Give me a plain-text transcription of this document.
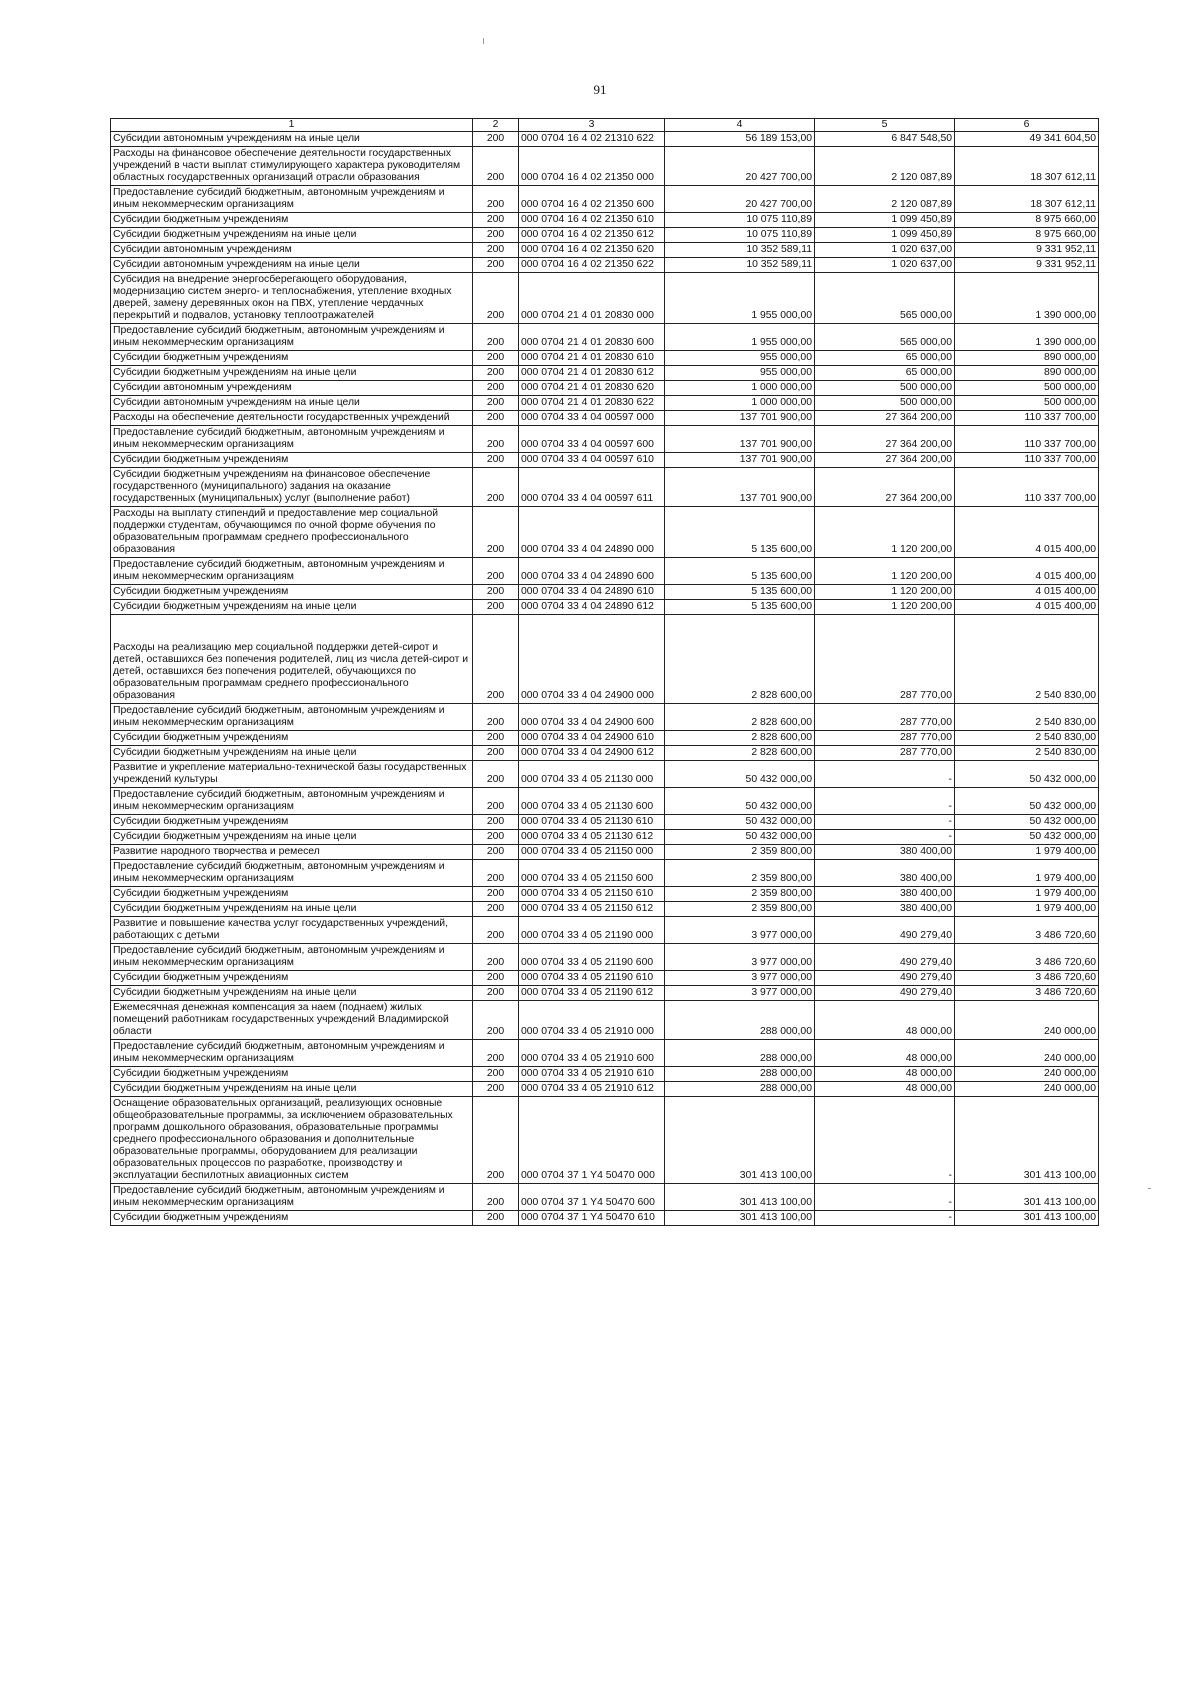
91
1	2	3	4	5	6
Субсидии автономным учреждениям на иные цели	200	000 0704 16 4 02 21310 622	56 189 153,00	6 847 548,50	49 341 604,50
Расходы на финансовое обеспечение деятельности государственных учреждений в части выплат стимулирующего характера руководителям областных государственных организаций отрасли образования	200	000 0704 16 4 02 21350 000	20 427 700,00	2 120 087,89	18 307 612,11
Предоставление субсидий бюджетным, автономным учреждениям и иным некоммерческим организациям	200	000 0704 16 4 02 21350 600	20 427 700,00	2 120 087,89	18 307 612,11
Субсидии бюджетным учреждениям	200	000 0704 16 4 02 21350 610	10 075 110,89	1 099 450,89	8 975 660,00
Субсидии бюджетным учреждениям на иные цели	200	000 0704 16 4 02 21350 612	10 075 110,89	1 099 450,89	8 975 660,00
Субсидии автономным учреждениям	200	000 0704 16 4 02 21350 620	10 352 589,11	1 020 637,00	9 331 952,11
Субсидии автономным учреждениям на иные цели	200	000 0704 16 4 02 21350 622	10 352 589,11	1 020 637,00	9 331 952,11
Субсидия на внедрение энергосберегающего оборудования, модернизацию систем энерго- и теплоснабжения, утепление входных дверей, замену деревянных окон на ПВХ, утепление чердачных перекрытий и подвалов, установку теплоотражателей	200	000 0704 21 4 01 20830 000	1 955 000,00	565 000,00	1 390 000,00
Предоставление субсидий бюджетным, автономным учреждениям и иным некоммерческим организациям	200	000 0704 21 4 01 20830 600	1 955 000,00	565 000,00	1 390 000,00
Субсидии бюджетным учреждениям	200	000 0704 21 4 01 20830 610	955 000,00	65 000,00	890 000,00
Субсидии бюджетным учреждениям на иные цели	200	000 0704 21 4 01 20830 612	955 000,00	65 000,00	890 000,00
Субсидии автономным учреждениям	200	000 0704 21 4 01 20830 620	1 000 000,00	500 000,00	500 000,00
Субсидии автономным учреждениям на иные цели	200	000 0704 21 4 01 20830 622	1 000 000,00	500 000,00	500 000,00
Расходы на обеспечение деятельности государственных учреждений	200	000 0704 33 4 04 00597 000	137 701 900,00	27 364 200,00	110 337 700,00
Предоставление субсидий бюджетным, автономным учреждениям и иным некоммерческим организациям	200	000 0704 33 4 04 00597 600	137 701 900,00	27 364 200,00	110 337 700,00
Субсидии бюджетным учреждениям	200	000 0704 33 4 04 00597 610	137 701 900,00	27 364 200,00	110 337 700,00
Субсидии бюджетным учреждениям на финансовое обеспечение государственного (муниципального) задания на оказание государственных (муниципальных) услуг (выполнение работ)	200	000 0704 33 4 04 00597 611	137 701 900,00	27 364 200,00	110 337 700,00
Расходы на выплату стипендий и предоставление мер социальной поддержки студентам, обучающимся по очной форме обучения по образовательным программам среднего профессионального образования	200	000 0704 33 4 04 24890 000	5 135 600,00	1 120 200,00	4 015 400,00
Предоставление субсидий бюджетным, автономным учреждениям и иным некоммерческим организациям	200	000 0704 33 4 04 24890 600	5 135 600,00	1 120 200,00	4 015 400,00
Субсидии бюджетным учреждениям	200	000 0704 33 4 04 24890 610	5 135 600,00	1 120 200,00	4 015 400,00
Субсидии бюджетным учреждениям на иные цели	200	000 0704 33 4 04 24890 612	5 135 600,00	1 120 200,00	4 015 400,00

Расходы на реализацию мер социальной поддержки детей-сирот и детей, оставшихся без попечения родителей, лиц из числа детей-сирот и детей, оставшихся без попечения родителей, обучающихся по образовательным программам среднего профессионального образования	200	000 0704 33 4 04 24900 000	2 828 600,00	287 770,00	2 540 830,00
Предоставление субсидий бюджетным, автономным учреждениям и иным некоммерческим организациям	200	000 0704 33 4 04 24900 600	2 828 600,00	287 770,00	2 540 830,00
Субсидии бюджетным учреждениям	200	000 0704 33 4 04 24900 610	2 828 600,00	287 770,00	2 540 830,00
Субсидии бюджетным учреждениям на иные цели	200	000 0704 33 4 04 24900 612	2 828 600,00	287 770,00	2 540 830,00
Развитие и укрепление материально-технической базы государственных учреждений культуры	200	000 0704 33 4 05 21130 000	50 432 000,00	-	50 432 000,00
Предоставление субсидий бюджетным, автономным учреждениям и иным некоммерческим организациям	200	000 0704 33 4 05 21130 600	50 432 000,00	-	50 432 000,00
Субсидии бюджетным учреждениям	200	000 0704 33 4 05 21130 610	50 432 000,00	-	50 432 000,00
Субсидии бюджетным учреждениям на иные цели	200	000 0704 33 4 05 21130 612	50 432 000,00	-	50 432 000,00
Развитие народного творчества и ремесел	200	000 0704 33 4 05 21150 000	2 359 800,00	380 400,00	1 979 400,00
Предоставление субсидий бюджетным, автономным учреждениям и иным некоммерческим организациям	200	000 0704 33 4 05 21150 600	2 359 800,00	380 400,00	1 979 400,00
Субсидии бюджетным учреждениям	200	000 0704 33 4 05 21150 610	2 359 800,00	380 400,00	1 979 400,00
Субсидии бюджетным учреждениям на иные цели	200	000 0704 33 4 05 21150 612	2 359 800,00	380 400,00	1 979 400,00
Развитие и повышение качества услуг государственных учреждений, работающих с детьми	200	000 0704 33 4 05 21190 000	3 977 000,00	490 279,40	3 486 720,60
Предоставление субсидий бюджетным, автономным учреждениям и иным некоммерческим организациям	200	000 0704 33 4 05 21190 600	3 977 000,00	490 279,40	3 486 720,60
Субсидии бюджетным учреждениям	200	000 0704 33 4 05 21190 610	3 977 000,00	490 279,40	3 486 720,60
Субсидии бюджетным учреждениям на иные цели	200	000 0704 33 4 05 21190 612	3 977 000,00	490 279,40	3 486 720,60
Ежемесячная денежная компенсация за наем (поднаем) жилых помещений работникам государственных учреждений Владимирской области	200	000 0704 33 4 05 21910 000	288 000,00	48 000,00	240 000,00
Предоставление субсидий бюджетным, автономным учреждениям и иным некоммерческим организациям	200	000 0704 33 4 05 21910 600	288 000,00	48 000,00	240 000,00
Субсидии бюджетным учреждениям	200	000 0704 33 4 05 21910 610	288 000,00	48 000,00	240 000,00
Субсидии бюджетным учреждениям на иные цели	200	000 0704 33 4 05 21910 612	288 000,00	48 000,00	240 000,00
Оснащение образовательных организаций, реализующих основные общеобразовательные программы, за исключением образовательных программ дошкольного образования, образовательные программы среднего профессионального образования и дополнительные образовательные программы, оборудованием для реализации образовательных процессов по разработке, производству и эксплуатации беспилотных авиационных систем	200	000 0704 37 1 Y4 50470 000	301 413 100,00	-	301 413 100,00
Предоставление субсидий бюджетным, автономным учреждениям и иным некоммерческим организациям	200	000 0704 37 1 Y4 50470 600	301 413 100,00	-	301 413 100,00
Субсидии бюджетным учреждениям	200	000 0704 37 1 Y4 50470 610	301 413 100,00	-	301 413 100,00
